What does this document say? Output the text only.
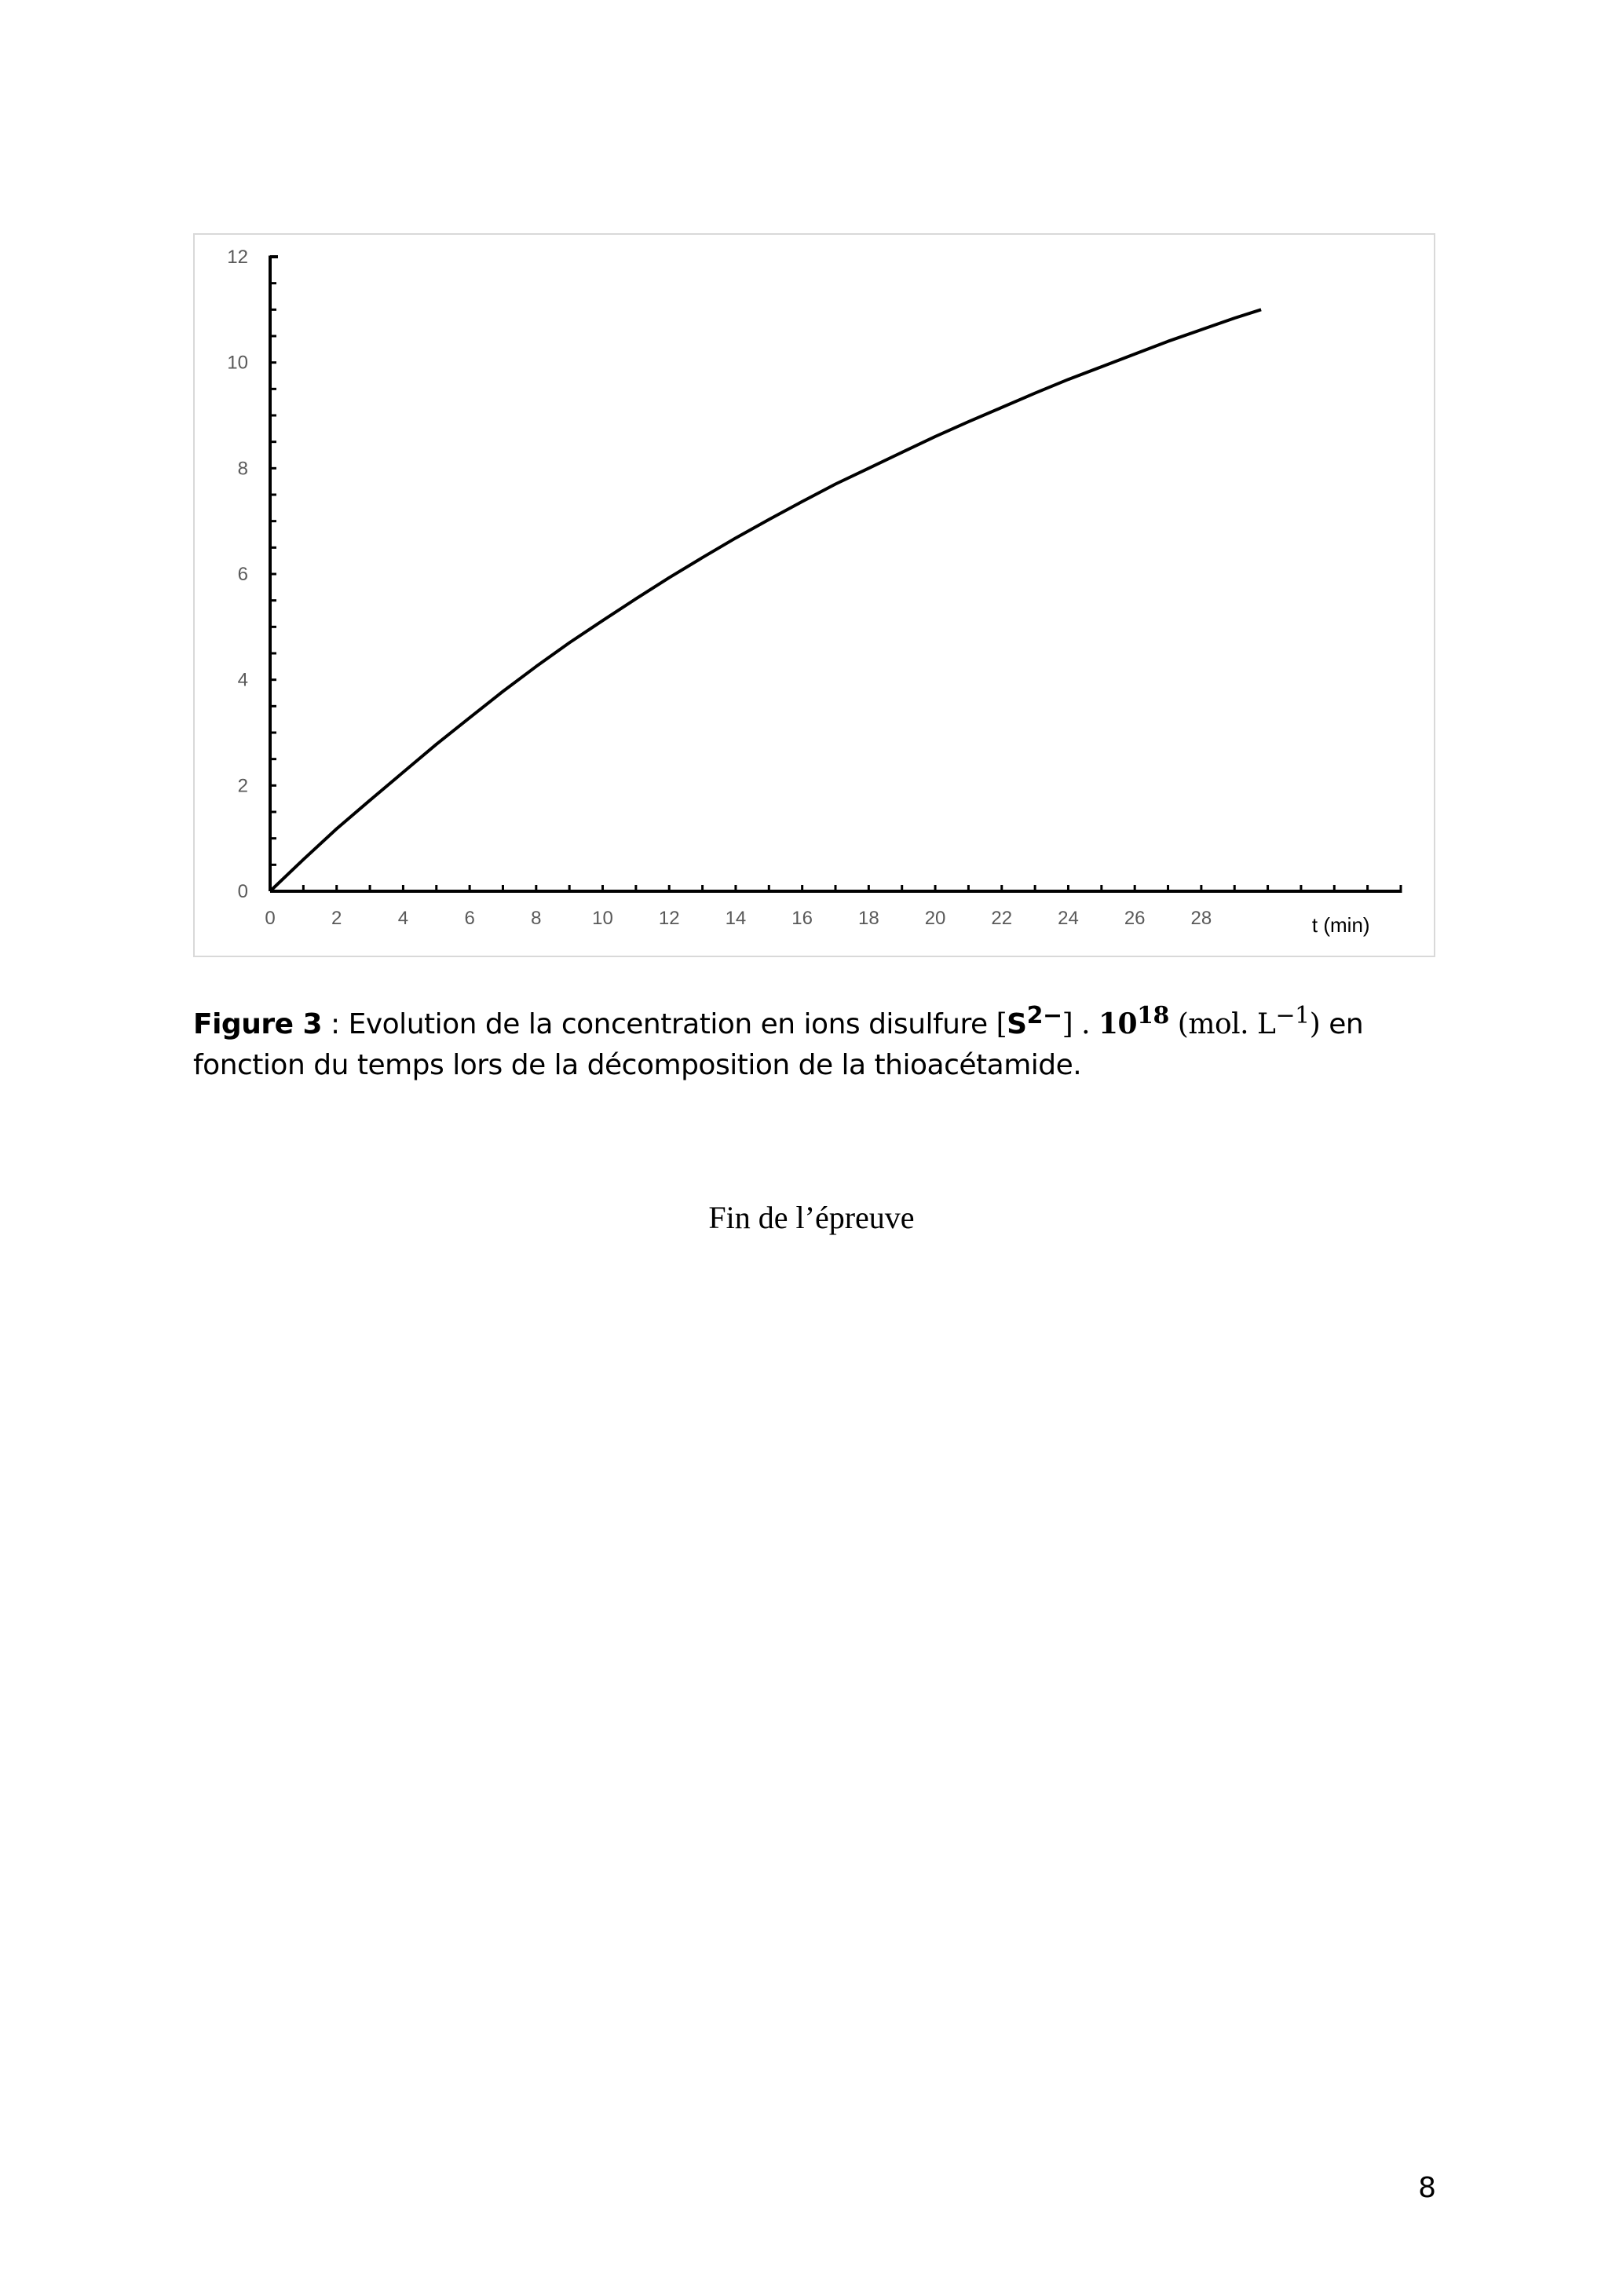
0	2	4	6	8	10 12 14 16 18 20 22 24 26 28
0
2
4
6
8
10
12
t (min)
Figure 3 : Evolution de la concentration en ions disulfure $[S^{2-}]$ . $10^{18}$ (mol. $L^{-1}$) en fonction du temps lors de la décomposition de la thioacétamide.
Fin de l’épreuve
8
